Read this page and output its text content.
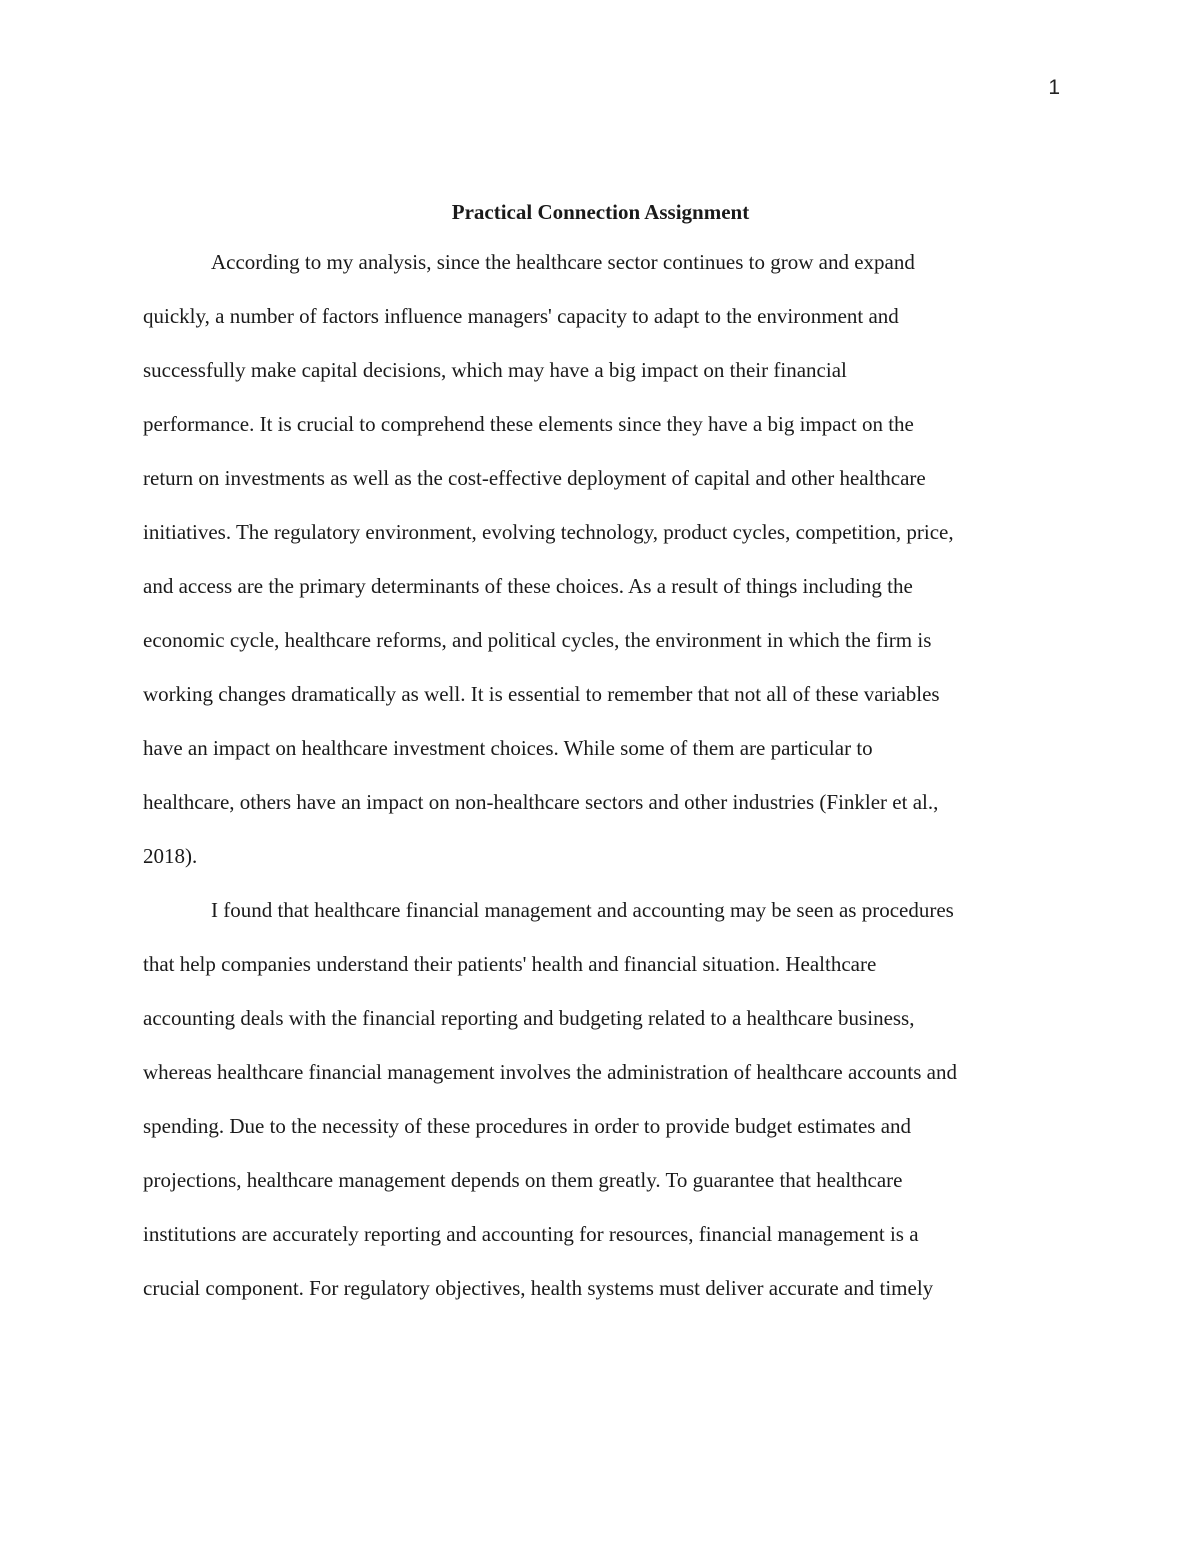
1
Practical Connection Assignment

According to my analysis, since the healthcare sector continues to grow and expand
quickly, a number of factors influence managers' capacity to adapt to the environment and
successfully make capital decisions, which may have a big impact on their financial
performance. It is crucial to comprehend these elements since they have a big impact on the
return on investments as well as the cost-effective deployment of capital and other healthcare
initiatives. The regulatory environment, evolving technology, product cycles, competition, price,
and access are the primary determinants of these choices. As a result of things including the
economic cycle, healthcare reforms, and political cycles, the environment in which the firm is
working changes dramatically as well. It is essential to remember that not all of these variables
have an impact on healthcare investment choices. While some of them are particular to
healthcare, others have an impact on non-healthcare sectors and other industries (Finkler et al.,
2018).

I found that healthcare financial management and accounting may be seen as procedures
that help companies understand their patients' health and financial situation. Healthcare
accounting deals with the financial reporting and budgeting related to a healthcare business,
whereas healthcare financial management involves the administration of healthcare accounts and
spending. Due to the necessity of these procedures in order to provide budget estimates and
projections, healthcare management depends on them greatly. To guarantee that healthcare
institutions are accurately reporting and accounting for resources, financial management is a
crucial component. For regulatory objectives, health systems must deliver accurate and timely
